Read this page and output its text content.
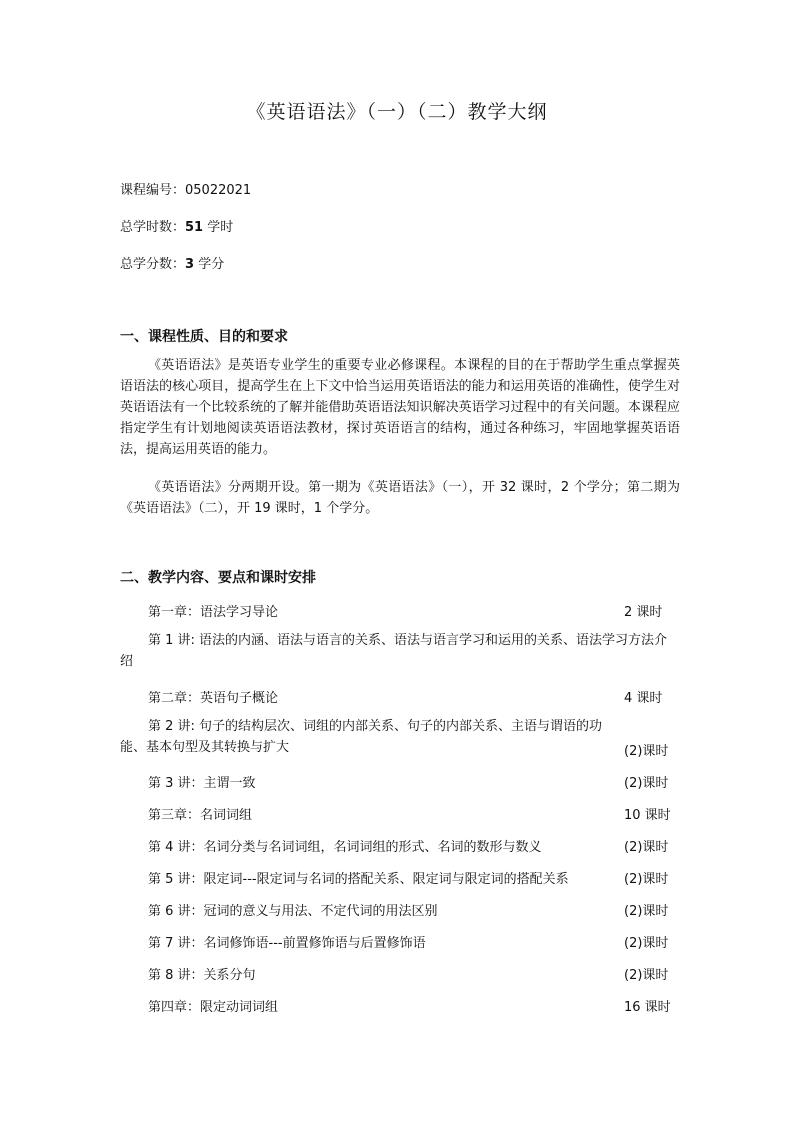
《英语语法》（一）（二）教学大纲
课程编号：05022021
总学时数：51 学时
总学分数：3 学分
一、课程性质、目的和要求
《英语语法》是英语专业学生的重要专业必修课程。本课程的目的在于帮助学生重点掌握英语语法的核心项目，提高学生在上下文中恰当运用英语语法的能力和运用英语的准确性，使学生对英语语法有一个比较系统的了解并能借助英语语法知识解决英语学习过程中的有关问题。本课程应指定学生有计划地阅读英语语法教材，探讨英语语言的结构，通过各种练习，牢固地掌握英语语法，提高运用英语的能力。
《英语语法》分两期开设。第一期为《英语语法》（一），开 32 课时，2 个学分；第二期为《英语语法》（二），开 19 课时，1 个学分。
二、教学内容、要点和课时安排
第一章：语法学习导论	2 课时
第 1 讲: 语法的内涵、语法与语言的关系、语法与语言学习和运用的关系、语法学习方法介绍
第二章：英语句子概论	4 课时
第 2 讲: 句子的结构层次、词组的内部关系、句子的内部关系、主语与谓语的功能、基本句型及其转换与扩大	(2)课时
第 3 讲：主谓一致	(2)课时
第三章：名词词组	10 课时
第 4 讲：名词分类与名词词组，名词词组的形式、名词的数形与数义	(2)课时
第 5 讲：限定词---限定词与名词的搭配关系、限定词与限定词的搭配关系	(2)课时
第 6 讲：冠词的意义与用法、不定代词的用法区别	(2)课时
第 7 讲：名词修饰语---前置修饰语与后置修饰语	(2)课时
第 8 讲：关系分句	(2)课时
第四章：限定动词词组	16 课时
